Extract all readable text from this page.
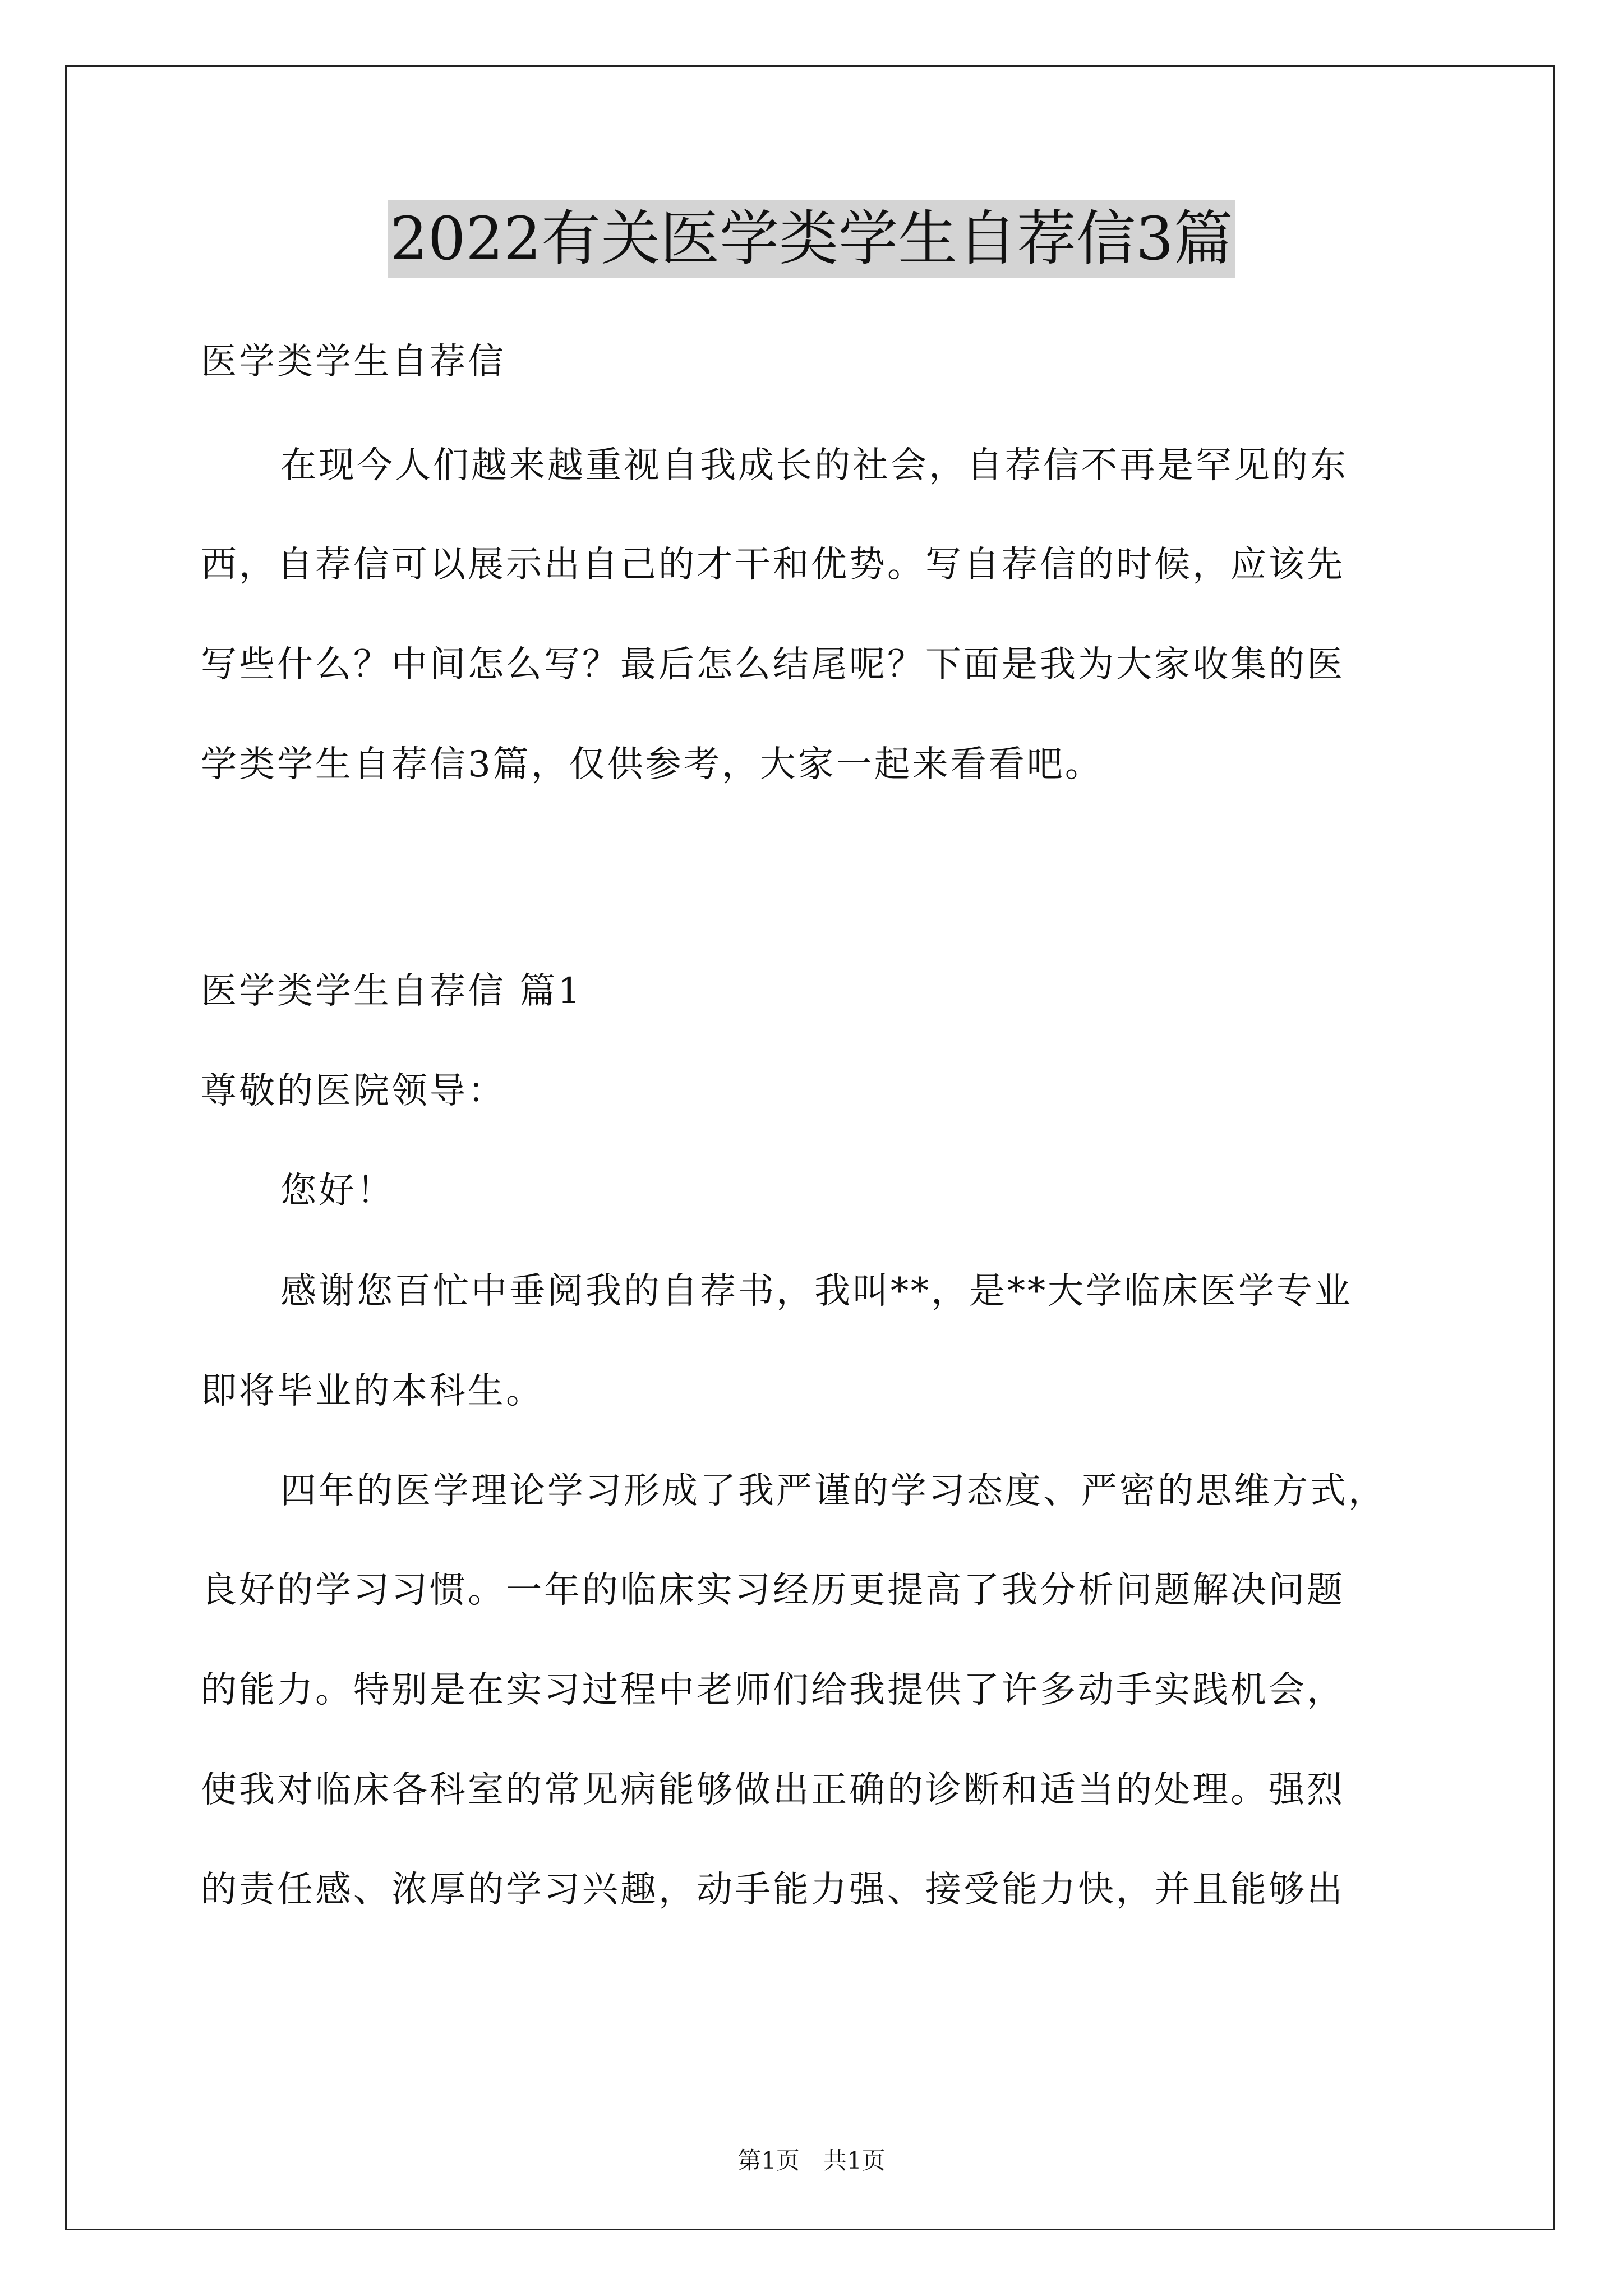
2022有关医学类学生自荐信3篇
医学类学生自荐信
在现今人们越来越重视自我成长的社会，自荐信不再是罕见的东
西，自荐信可以展示出自己的才干和优势。写自荐信的时候，应该先
写些什么？中间怎么写？最后怎么结尾呢？下面是我为大家收集的医
学类学生自荐信3篇，仅供参考，大家一起来看看吧。
医学类学生自荐信 篇1
尊敬的医院领导：
您好！
感谢您百忙中垂阅我的自荐书，我叫**，是**大学临床医学专业
即将毕业的本科生。
四年的医学理论学习形成了我严谨的学习态度、严密的思维方式，
良好的学习习惯。一年的临床实习经历更提高了我分析问题解决问题
的能力。特别是在实习过程中老师们给我提供了许多动手实践机会，
使我对临床各科室的常见病能够做出正确的诊断和适当的处理。强烈
的责任感、浓厚的学习兴趣，动手能力强、接受能力快，并且能够出
第1页　共1页
